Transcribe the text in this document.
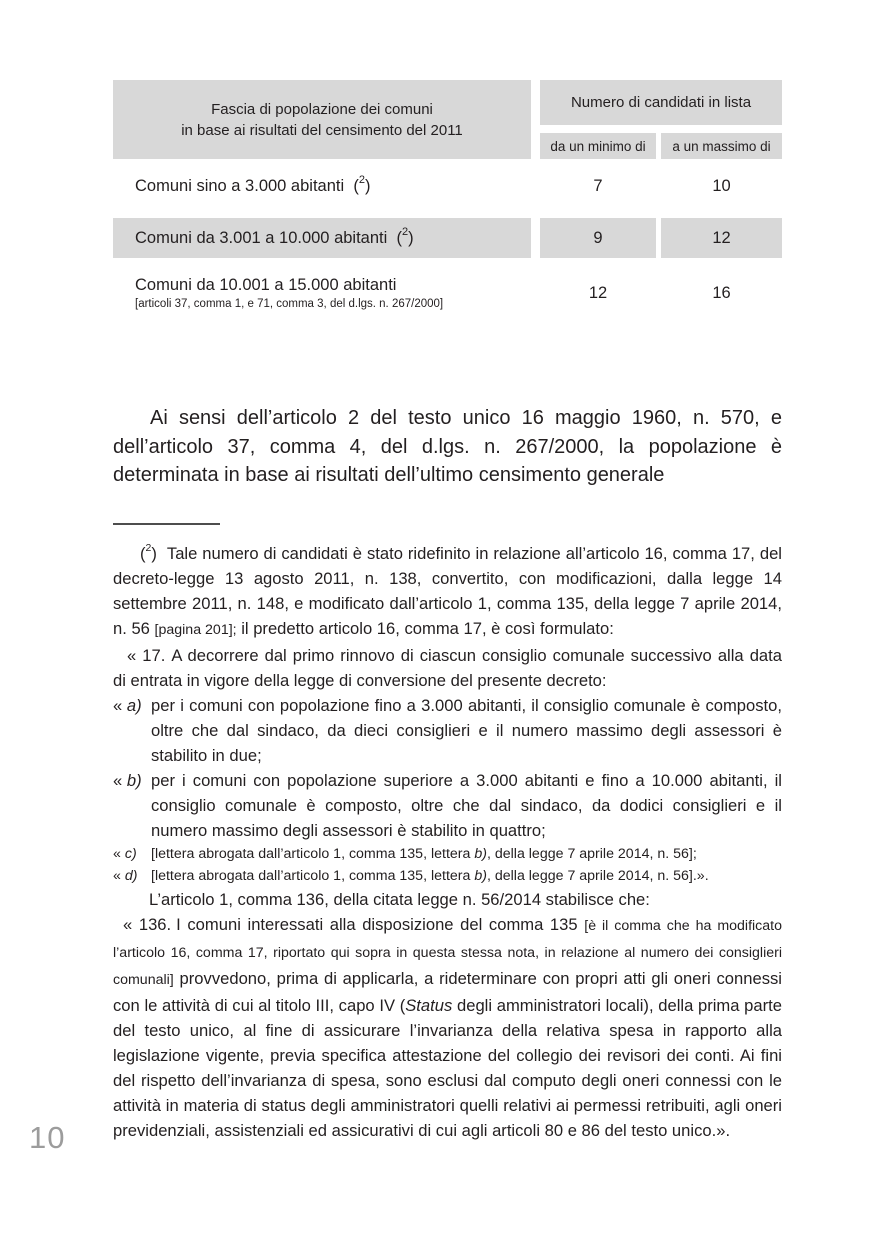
Fascia di popolazione dei comuni
in base ai risultati del censimento del 2011
Numero di candidati in lista
da un minimo di	a un massimo di
Comuni sino a 3.000 abitanti ($^2$)	7	10
Comuni da 3.001 a 10.000 abitanti ($^2$)	9	12
Comuni da 10.001 a 15.000 abitanti
[articoli 37, comma 1, e 71, comma 3, del d.lgs. n. 267/2000]
12	16

Ai sensi dell’articolo 2 del testo unico 16 maggio 1960, n. 570, e dell’articolo 37, comma 4, del d.lgs. n. 267/2000, la popolazione è determinata in base ai risultati dell’ultimo censimento generale

($^2$) Tale numero di candidati è stato ridefinito in relazione all’articolo 16, comma 17, del decreto-legge 13 agosto 2011, n. 138, convertito, con modificazioni, dalla legge 14 settembre 2011, n. 148, e modificato dall’articolo 1, comma 135, della legge 7 aprile 2014, n. 56 [pagina 201]; il predetto articolo 16, comma 17, è così formulato:

« 17. A decorrere dal primo rinnovo di ciascun consiglio comunale successivo alla data di entrata in vigore della legge di conversione del presente decreto:

« a) per i comuni con popolazione fino a 3.000 abitanti, il consiglio comunale è composto, oltre che dal sindaco, da dieci consiglieri e il numero massimo degli assessori è stabilito in due;
« b) per i comuni con popolazione superiore a 3.000 abitanti e fino a 10.000 abitanti, il consiglio comunale è composto, oltre che dal sindaco, da dodici consiglieri e il numero massimo degli assessori è stabilito in quattro;
« c) [lettera abrogata dall’articolo 1, comma 135, lettera b), della legge 7 aprile 2014, n. 56];
« d) [lettera abrogata dall’articolo 1, comma 135, lettera b), della legge 7 aprile 2014, n. 56].».

L’articolo 1, comma 136, della citata legge n. 56/2014 stabilisce che:

« 136. I comuni interessati alla disposizione del comma 135 [è il comma che ha modificato l’articolo 16, comma 17, riportato qui sopra in questa stessa nota, in relazione al numero dei consiglieri comunali] provvedono, prima di applicarla, a rideterminare con propri atti gli oneri connessi con le attività di cui al titolo III, capo IV (Status degli amministratori locali), della prima parte del testo unico, al fine di assicurare l’invarianza della relativa spesa in rapporto alla legislazione vigente, previa specifica attestazione del collegio dei revisori dei conti. Ai fini del rispetto dell’invarianza di spesa, sono esclusi dal computo degli oneri connessi con le attività in materia di status degli amministratori quelli relativi ai permessi retribuiti, agli oneri previdenziali, assistenziali ed assicurativi di cui agli articoli 80 e 86 del testo unico.».

10
